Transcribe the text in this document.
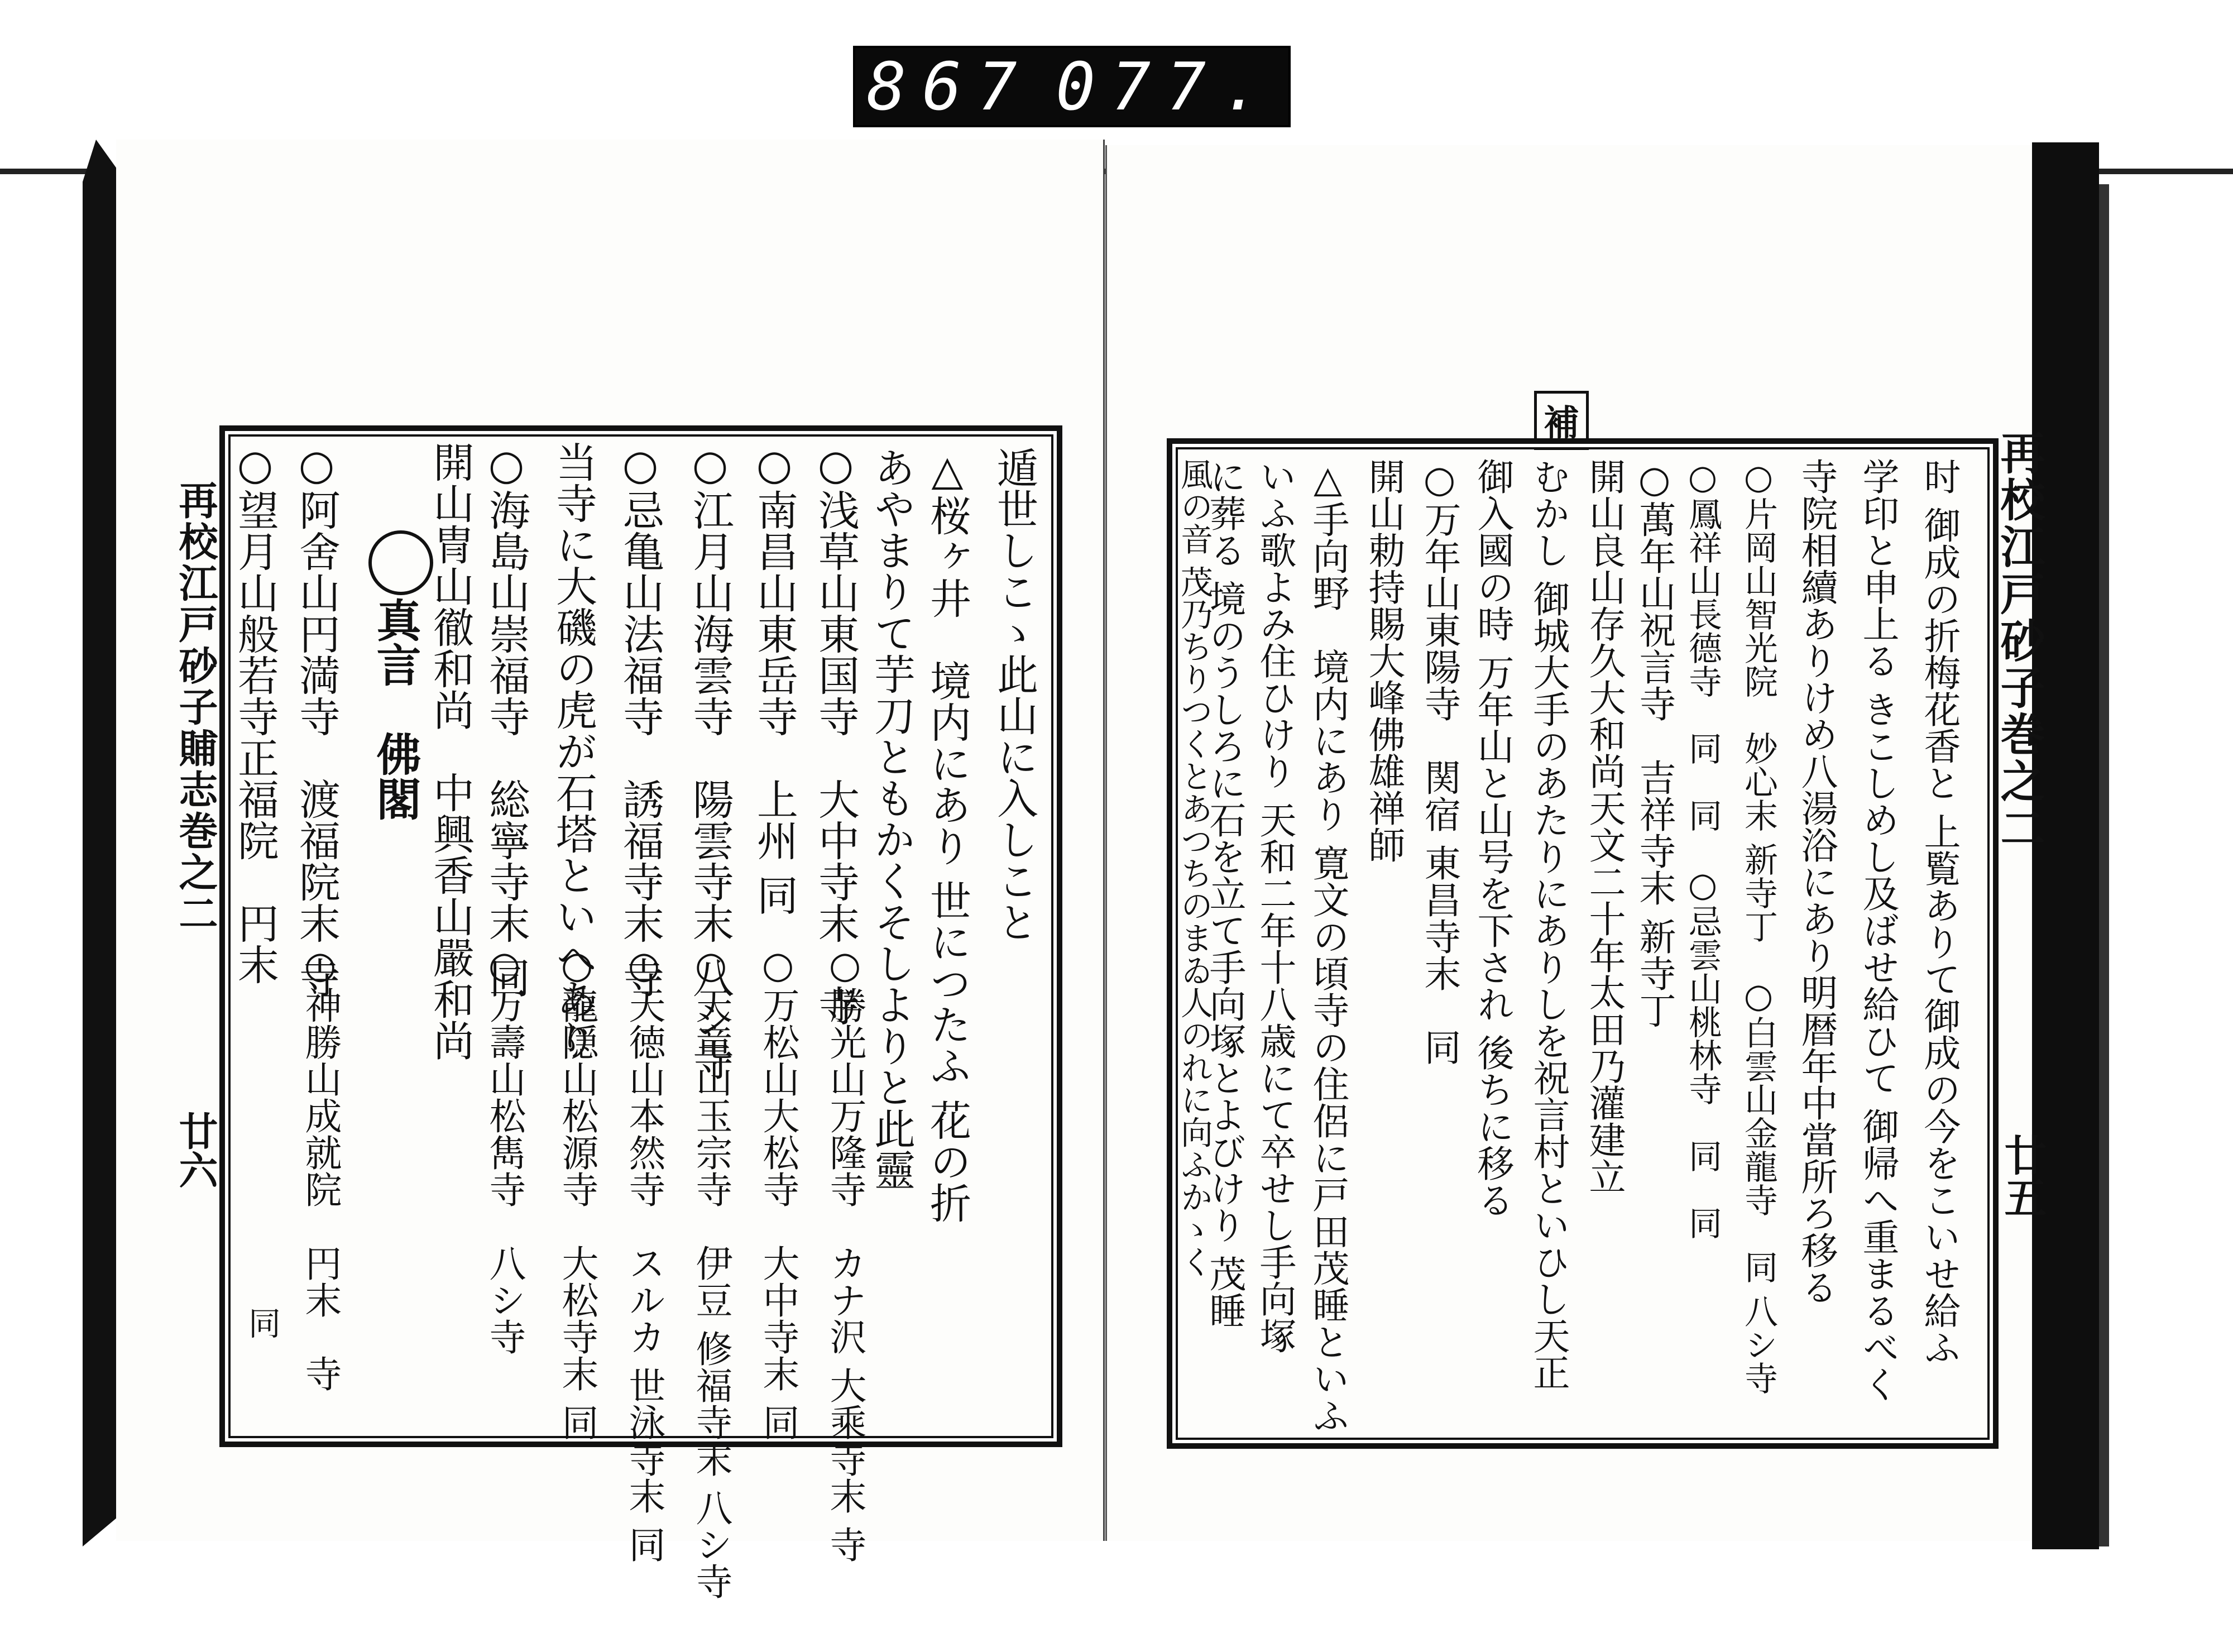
867 077.
再校江戸砂子䝵志巻之二
廿六
遁世しこゝ此山に入しこと
△桜ヶ井　境内にあり 世につたふ 花の折
あやまりて芋刀ともかくそしよりと此靈
○浅草山東国寺　大中寺末　寺
○南昌山東岳寺　上州 同
○江月山海雲寺　陽雲寺末 八シ寺
○忌亀山法福寺　誘福寺末 寺
当寺に大磯の虎が石塔といへあり
○海島山崇福寺　総寧寺末 同
開山冑山徹和尚　中興香山嚴和尚
真言　佛閣
○阿舍山円満寺　渡福院末 寺
○望月山般若寺正福院　円末
○勝光山万隆寺　カナ沢 大乘寺末 寺
○万松山大松寺　大中寺末 同
○天竜山玉宗寺　伊豆 修福寺末 八シ寺
○天徳山本然寺　スルカ 世泳寺末 同
○龍隠山松源寺　大松寺末 同
○万壽山松雋寺　八シ寺
○神勝山成就院　円末　寺
同
再校江戸砂子巻之二
廿五
補
时 御成の折梅花香と 上覧ありて御成の今をこいせ給ふ
学印と申上る きこしめし及ばせ給ひて 御帰へ重まるべく
寺院相續ありけめ八湯浴にあり明暦年中當所ろ移る
○片岡山智光院　妙心末 新寺丁　○白雲山金龍寺　同 八シ寺
○鳳祥山長德寺　同　同　○忌雲山桃林寺　同　同
○萬年山祝言寺　吉祥寺末 新寺丁
開山良山存久大和尚天文二十年太田乃灌建立
むかし 御城大手のあたりにありしを祝言村といひし天正
御入國の時 万年山と山号を下され 後ちに移る
○万年山東陽寺　関宿 東昌寺末　同
開山勅持賜大峰佛雄禅師
△手向野　境内にあり 寛文の頃寺の住侶に戸田茂睡といふ
いふ歌よみ住ひけり 天和二年十八歳にて卒せし手向塚
に葬る 境のうしろに石を立て手向塚とよびけり 茂睡
風の音 茂乃ちりつくとあつちのまゐ人のれに向ふかゝく
